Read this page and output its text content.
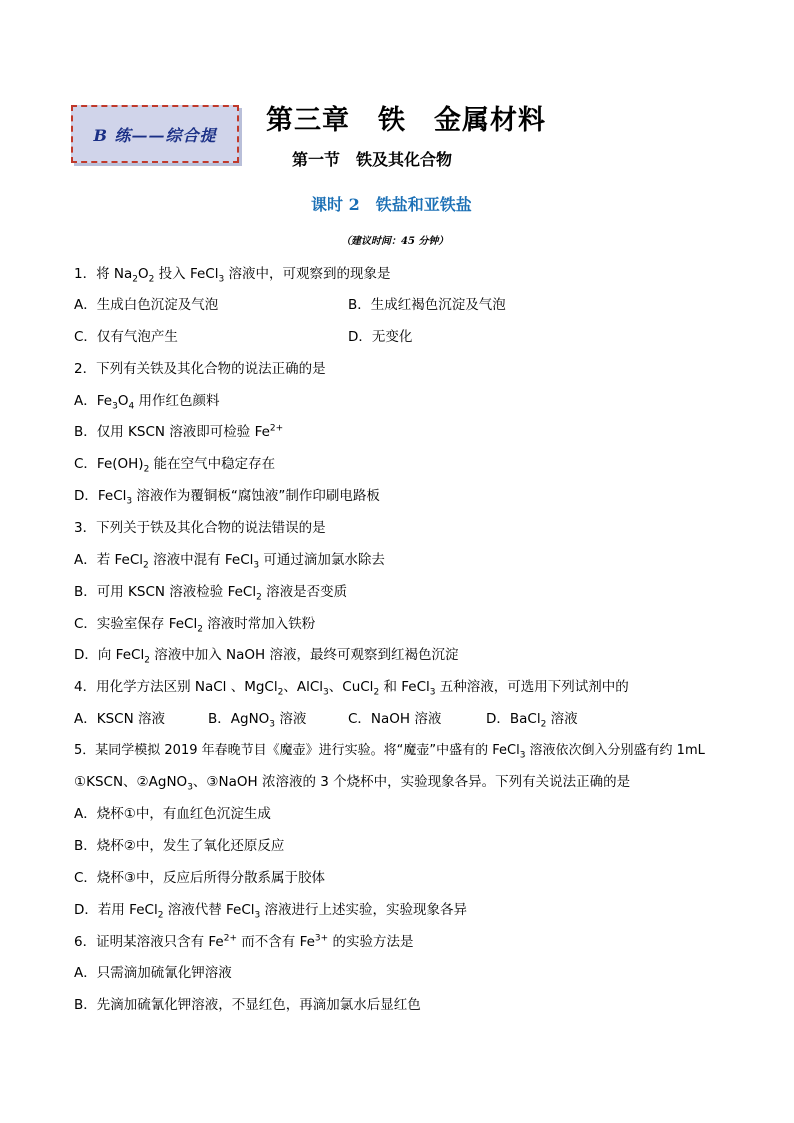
B 练——综合提 第三章　铁　金属材料
第一节　铁及其化合物
课时 2　铁盐和亚铁盐
（建议时间：45 分钟）
1．将 $Na_2O_2$ 投入 FeCl$_3$ 溶液中，可观察到的现象是
A．生成白色沉淀及气泡	B．生成红褐色沉淀及气泡
C．仅有气泡产生	D．无变化
2．下列有关铁及其化合物的说法正确的是
A．$Fe_3O_4$ 用作红色颜料
B．仅用 KSCN 溶液即可检验 $Fe^{2+}$
C．$Fe(OH)_2$ 能在空气中稳定存在
D．FeCl$_3$ 溶液作为覆铜板“腐蚀液”制作印刷电路板
3．下列关于铁及其化合物的说法错误的是
A．若 FeCl$_2$ 溶液中混有 FeCl$_3$ 可通过滴加氯水除去
B．可用 KSCN 溶液检验 FeCl$_2$ 溶液是否变质
C．实验室保存 FeCl$_2$ 溶液时常加入铁粉
D．向 FeCl$_2$ 溶液中加入 NaOH 溶液，最终可观察到红褐色沉淀
4．用化学方法区别 NaCl 、MgCl$_2$、AlCl$_3$、CuCl$_2$ 和 FeCl$_3$ 五种溶液，可选用下列试剂中的
A．KSCN 溶液	B．AgNO$_3$ 溶液	C．NaOH 溶液	D．BaCl$_2$ 溶液
5．某同学模拟 2019 年春晚节目《魔壶》进行实验。将“魔壶”中盛有的 FeCl$_3$ 溶液依次倒入分别盛有约 1mL
①KSCN、②AgNO$_3$、③NaOH 浓溶液的 3 个烧杯中，实验现象各异。下列有关说法正确的是
A．烧杯①中，有血红色沉淀生成
B．烧杯②中，发生了氧化还原反应
C．烧杯③中，反应后所得分散系属于胶体
D．若用 FeCl$_2$ 溶液代替 FeCl$_3$ 溶液进行上述实验，实验现象各异
6．证明某溶液只含有 $Fe^{2+}$ 而不含有 $Fe^{3+}$ 的实验方法是
A．只需滴加硫氰化钾溶液
B．先滴加硫氰化钾溶液，不显红色，再滴加氯水后显红色
